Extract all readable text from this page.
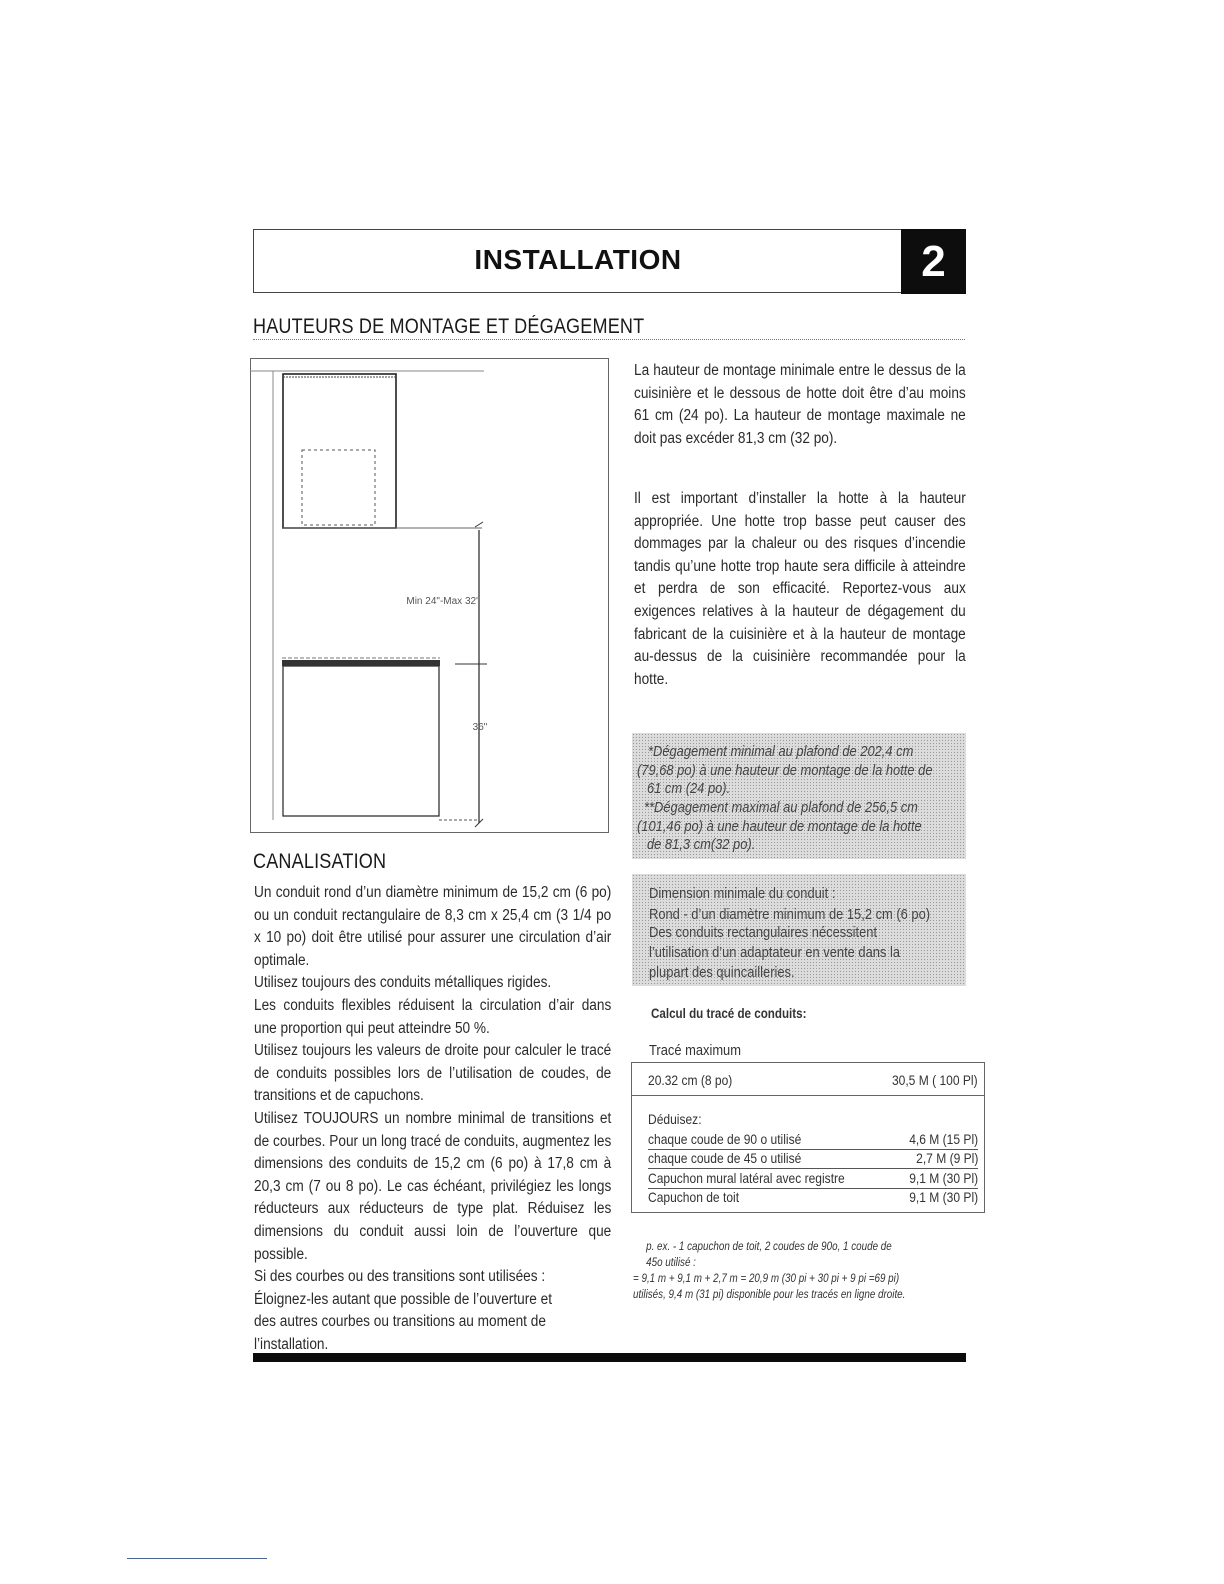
INSTALLATION	2
HAUTEURS DE MONTAGE ET DÉGAGEMENT
Min 24"-Max 32"
36"
La hauteur de montage minimale entre le dessus de la cuisinière et le dessous de hotte doit être d’au moins 61 cm (24 po). La hauteur de montage maximale ne doit pas excéder 81,3 cm (32 po).
Il est important d’installer la hotte à la hauteur appropriée. Une hotte trop basse peut causer des dommages par la chaleur ou des risques d’incendie tandis qu’une hotte trop haute sera difficile à atteindre et perdra de son efficacité. Reportez-vous aux exigences relatives à la hauteur de dégagement du fabricant de la cuisinière et à la hauteur de montage au-dessus de la cuisinière recommandée pour la hotte.
*Dégagement minimal au plafond de 202,4 cm
(79,68 po) à une hauteur de montage de la hotte de
61 cm (24 po).
**Dégagement maximal au plafond de 256,5 cm
(101,46 po) à une hauteur de montage de la hotte
de 81,3 cm(32 po).
CANALISATION
Un conduit rond d’un diamètre minimum de 15,2 cm (6 po) ou un conduit rectangulaire de 8,3 cm x 25,4 cm (3 1/4 po x 10 po) doit être utilisé pour assurer une circulation d’air optimale.
Utilisez toujours des conduits métalliques rigides.
Les conduits flexibles réduisent la circulation d’air dans une proportion qui peut atteindre 50 %.
Utilisez toujours les valeurs de droite pour calculer le tracé de conduits possibles lors de l’utilisation de coudes, de transitions et de capuchons.
Utilisez TOUJOURS un nombre minimal de transitions et de courbes. Pour un long tracé de conduits, augmentez les dimensions des conduits de 15,2 cm (6 po) à 17,8 cm à 20,3 cm (7 ou 8 po). Le cas échéant, privilégiez les longs réducteurs aux réducteurs de type plat. Réduisez les dimensions du conduit aussi loin de l’ouverture que possible.
Si des courbes ou des transitions sont utilisées :
Éloignez-les autant que possible de l’ouverture et
des autres courbes ou transitions au moment de
l’installation.
Dimension minimale du conduit :
Rond - d’un diamètre minimum de 15,2 cm (6 po)
Des conduits rectangulaires nécessitent
l’utilisation d’un adaptateur en vente dans la
plupart des quincailleries.
Calcul du tracé de conduits:
Tracé maximum
20.32 cm (8 po)	30,5 M ( 100 Pl)
Déduisez:
chaque coude de 90 o utilisé	4,6 M (15 Pl)
chaque coude de 45 o utilisé	2,7 M (9 Pl)
Capuchon mural latéral avec registre	9,1 M (30 Pl)
Capuchon de toit	9,1 M (30 Pl)
p. ex. - 1 capuchon de toit, 2 coudes de 90o, 1 coude de
45o utilisé :
= 9,1 m + 9,1 m + 2,7 m = 20,9 m (30 pi + 30 pi + 9 pi =69 pi)
utilisés, 9,4 m (31 pi) disponible pour les tracés en ligne droite.
